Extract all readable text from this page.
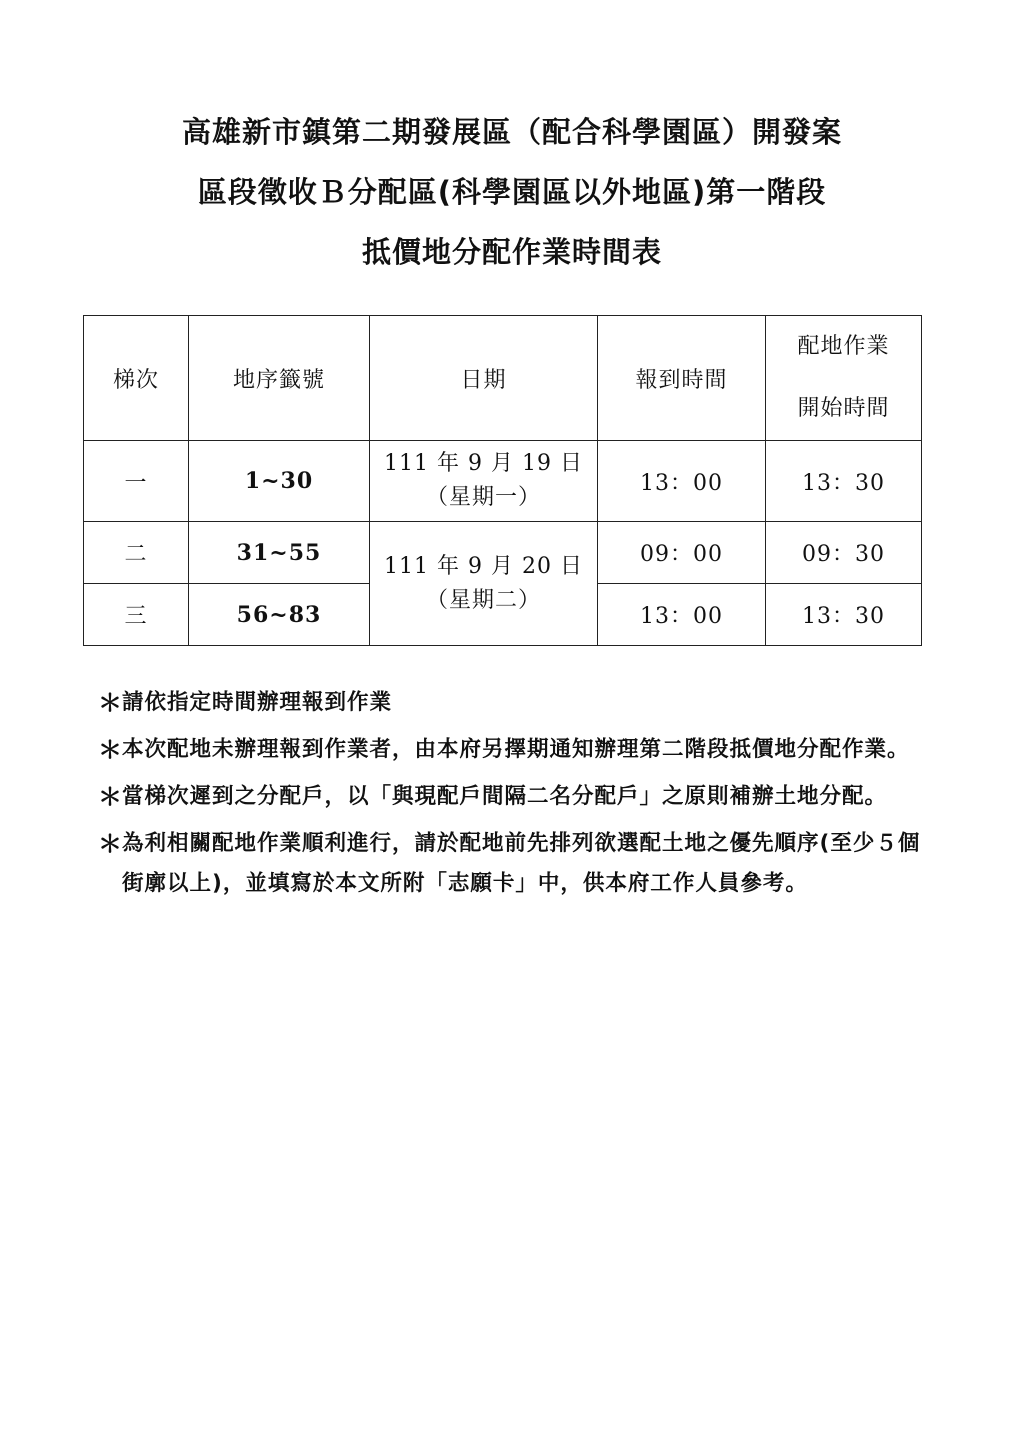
高雄新市鎮第二期發展區（配合科學園區）開發案
區段徵收Ｂ分配區(科學園區以外地區)第一階段
抵價地分配作業時間表
梯次	地序籤號	日期	報到時間	配地作業
開始時間

一	1~30	111 年 9 月 19 日
（星期一）	13：00	13：30
二	31~55	111 年 9 月 20 日
（星期二）	09：00	09：30
三	56~83		13：00	13：30
＊ 請依指定時間辦理報到作業
＊ 本次配地未辦理報到作業者，由本府另擇期通知辦理第二階段抵價地分配作業。
＊ 當梯次遲到之分配戶，以「與現配戶間隔二名分配戶」之原則補辦土地分配。
＊ 為利相關配地作業順利進行，請於配地前先排列欲選配土地之優先順序(至少５個街廓以上)，並填寫於本文所附「志願卡」中，供本府工作人員參考。
